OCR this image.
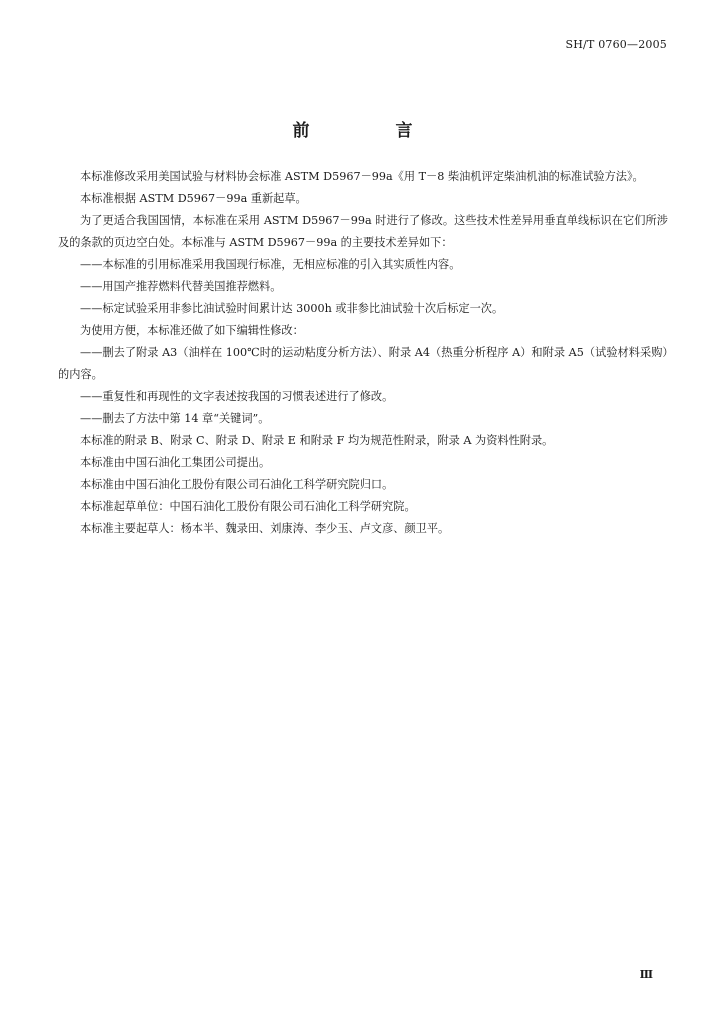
SH/T 0760—2005
前 言

本标准修改采用美国试验与材料协会标准 ASTM D5967－99a《用 T－8 柴油机评定柴油机油的标准试验方法》。

本标准根据 ASTM D5967－99a 重新起草。

为了更适合我国国情，本标准在采用 ASTM D5967－99a 时进行了修改。这些技术性差异用垂直单线标识在它们所涉及的条款的页边空白处。本标准与 ASTM D5967－99a 的主要技术差异如下：

——本标准的引用标准采用我国现行标准，无相应标准的引入其实质性内容。

——用国产推荐燃料代替美国推荐燃料。

——标定试验采用非参比油试验时间累计达 3000h 或非参比油试验十次后标定一次。

为使用方便，本标准还做了如下编辑性修改：

——删去了附录 A3（油样在 100℃时的运动粘度分析方法）、附录 A4（热重分析程序 A）和附录 A5（试验材料采购）的内容。

——重复性和再现性的文字表述按我国的习惯表述进行了修改。

——删去了方法中第 14 章“关键词”。

本标准的附录 B、附录 C、附录 D、附录 E 和附录 F 均为规范性附录，附录 A 为资料性附录。

本标准由中国石油化工集团公司提出。

本标准由中国石油化工股份有限公司石油化工科学研究院归口。

本标准起草单位：中国石油化工股份有限公司石油化工科学研究院。

本标准主要起草人：杨本半、魏录田、刘康涛、李少玉、卢文彦、颜卫平。

Ⅲ
